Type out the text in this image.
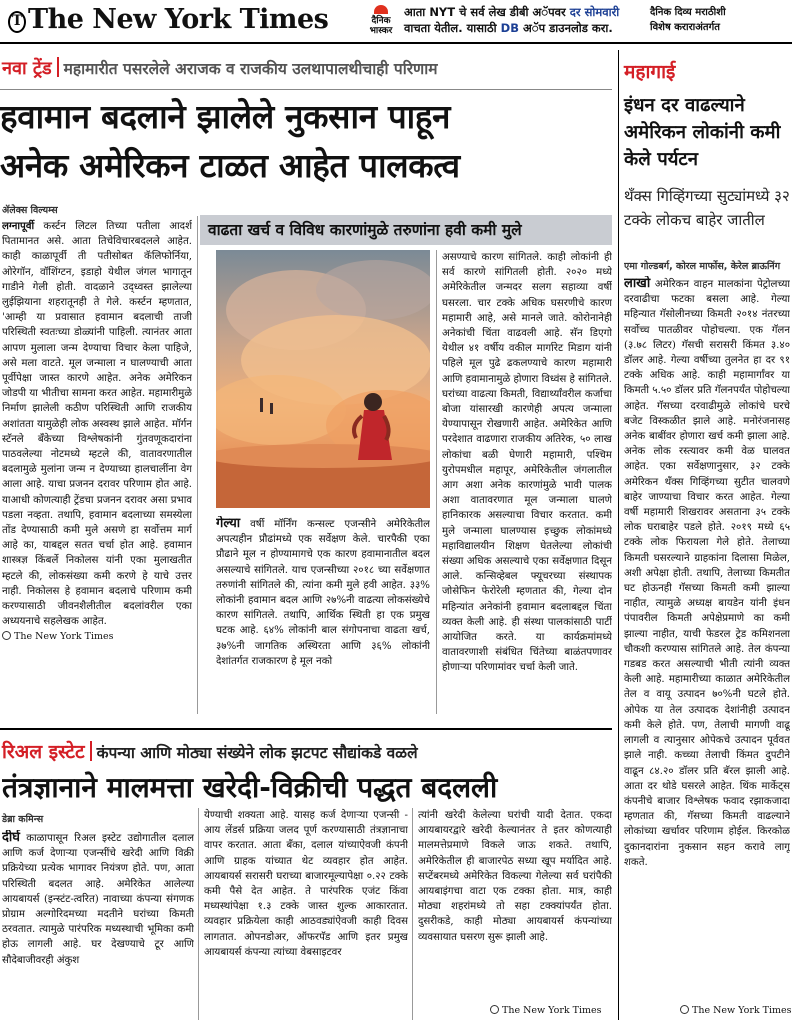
T The New York Times	दैनिक भास्कर
आता NYT चे सर्व लेख डीबी अॅपवर दर सोमवारी
वाचता येतील. यासाठी DB अॅप डाउनलोड करा.
दैनिक दिव्य मराठीशी
विशेष कराराअंतर्गत
नवा ट्रेंड महामारीत पसरलेले अराजक व राजकीय उलथापालथीचाही परिणाम
हवामान बदलाने झालेले नुकसान पाहून
अनेक अमेरिकन टाळत आहेत पालकत्व
ॲलेक्स विल्यम्स
वाढता खर्च व विविध कारणांमुळे तरुणांना हवी कमी मुले

लग्नापूर्वी कर्स्टन लिटल तिच्या पतीला आदर्श पितामानत असे. आता तिचेविचारबदलले आहेत. काही काळापूर्वी ती पतीसोबत कॅलिफोर्निया, ओरेगॉन, वॉशिंग्टन, इडाहो येथील जंगल भागातून गाडीने गेली होती. वादळाने उद्ध्वस्त झालेल्या लुईझियाना शहरातूनही ते गेले. कर्स्टन म्हणतात, 'आम्ही या प्रवासात हवामान बदलाची ताजी परिस्थिती स्वतःच्या डोळ्यांनी पाहिली. त्यानंतर आता आपण मुलाला जन्म देण्याचा विचार केला पाहिजे, असे मला वाटते. मूल जन्माला न घालण्याची आता पूर्वीपेक्षा जास्त कारणे आहेत. अनेक अमेरिकन जोडपी या भीतीचा सामना करत आहेत. महामारीमुळे निर्माण झालेली कठीण परिस्थिती आणि राजकीय अशांतता यामुळेही लोक अस्वस्थ झाले आहेत. मॉर्गन स्टॅनले बँकेच्या विश्लेषकांनी गुंतवणूकदारांना पाठवलेल्या नोटमध्ये म्हटले की, वातावरणातील बदलामुळे मुलांना जन्म न देण्याच्या हालचालींना वेग आला आहे. याचा प्रजनन दरावर परिणाम होत आहे. याआधी कोणत्याही ट्रेंडचा प्रजनन दरावर असा प्रभाव पडला नव्हता. तथापि, हवामान बदलाच्या समस्येला तोंड देण्यासाठी कमी मुले असणे हा सर्वोत्तम मार्ग आहे का, याबद्दल सतत चर्चा होत आहे. हवामान शास्त्रज्ञ किंबर्ले निकोलस यांनी एका मुलाखतीत म्हटले की, लोकसंख्या कमी करणे हे याचे उत्तर नाही. निकोलस हे हवामान बदलाचे परिणाम कमी करण्यासाठी जीवनशैलीतील बदलांवरील एका अध्ययनाचे सहलेखक आहेत.

The New York Times

गेल्या वर्षी मॉर्निंग कन्सल्ट एजन्सीने अमेरिकेतील अपत्यहीन प्रौढांमध्ये एक सर्वेक्षण केले. चारपैकी एका प्रौढाने मूल न होण्यामागचे एक कारण हवामानातील बदल असल्याचे सांगितले. याच एजन्सीच्या २०१८ च्या सर्वेक्षणात तरुणांनी सांगितले की, त्यांना कमी मुले हवी आहेत. ३३% लोकांनी हवामान बदल आणि २७%नी वाढत्या लोकसंख्येचे कारण सांगितले. तथापि, आर्थिक स्थिती हा एक प्रमुख घटक आहे. ६४% लोकांनी बाल संगोपनाचा वाढता खर्च, ३७%नी जागतिक अस्थिरता आणि ३६% लोकांनी देशांतर्गत राजकारण हे मूल नको

असण्याचे कारण सांगितले. काही लोकांनी ही सर्व कारणे सांगितली होती. २०२० मध्ये अमेरिकेतील जन्मदर सलग सहाव्या वर्षी घसरला. चार टक्के अधिक घसरणीचे कारण महामारी आहे, असे मानले जाते. कोरोनानेही अनेकांची चिंता वाढवली आहे. सॅन डिएगो येथील ४१ वर्षीय वकील मार्गारेट मिडाग यांनी पहिले मूल पुढे ढकलण्याचे कारण महामारी आणि हवामानामुळे होणारा विध्वंस हे सांगितले. घरांच्या वाढत्या किमती, विद्यार्थ्यांवरील कर्जाचा बोजा यांसारखी कारणेही अपत्य जन्माला येण्यापासून रोखणारी आहेत. अमेरिकेत आणि परदेशात वाढणारा राजकीय अतिरेक, ५० लाख लोकांचा बळी घेणारी महामारी, पश्चिम युरोपमधील महापूर, अमेरिकेतील जंगलातील आग अशा अनेक कारणांमुळे भावी पालक अशा वातावरणात मूल जन्माला घालणे हानिकारक असल्याचा विचार करतात. कमी मुले जन्माला घालण्यास इच्छुक लोकांमध्ये महाविद्यालयीन शिक्षण घेतलेल्या लोकांची संख्या अधिक असल्याचे एका सर्वेक्षणात दिसून आले. कन्सिव्हेबल फ्यूचरच्या संस्थापक जोसेफिन फेरोरेली म्हणतात की, गेल्या दोन महिन्यांत अनेकांनी हवामान बदलाबद्दल चिंता व्यक्त केली आहे. ही संस्था पालकांसाठी पार्टी आयोजित करते. या कार्यक्रमांमध्ये वातावरणाशी संबंधित चिंतेच्या बाळंतपणावर होणाऱ्या परिणामांवर चर्चा केली जाते.

महागाई
इंधन दर वाढल्याने अमेरिकन लोकांनी कमी केले पर्यटन
थँक्स गिव्हिंगच्या सुट्यांमध्ये ३२ टक्के लोकच बाहेर जातील
एमा गोल्डबर्ग, कोरल मार्फोस, केरेल ब्राऊनिंग

लाखो अमेरिकन वाहन मालकांना पेट्रोलच्या दरवाढीचा फटका बसला आहे. गेल्या महिन्यात गॅसोलीनच्या किमती २०१४ नंतरच्या सर्वोच्च पातळीवर पोहोचल्या. एक गॅलन (३.७८ लिटर) गॅसची सरासरी किंमत ३.४० डॉलर आहे. गेल्या वर्षीच्या तुलनेत हा दर ९१ टक्के अधिक आहे. काही महामार्गांवर या किमती ५.५० डॉलर प्रति गॅलनपर्यंत पोहोचल्या आहेत. गॅसच्या दरवाढीमुळे लोकांचे घरचे बजेट विस्कळीत झाले आहे. मनोरंजनासह अनेक बाबींवर होणारा खर्च कमी झाला आहे. अनेक लोक रस्त्यावर कमी वेळ घालवत आहेत. एका सर्वेक्षणानुसार, ३२ टक्के अमेरिकन थँक्स गिव्हिंगच्या सुटीत चालवणे बाहेर जाण्याचा विचार करत आहेत. गेल्या वर्षी महामारी शिखरावर असताना ३५ टक्के लोक घराबाहेर पडले होते. २०१९ मध्ये ६५ टक्के लोक फिरायला गेले होते. तेलाच्या किमती घसरल्याने ग्राहकांना दिलासा मिळेल, अशी अपेक्षा होती. तथापि, तेलाच्या किमतीत घट होऊनही गॅसच्या किमती कमी झाल्या नाहीत, त्यामुळे अध्यक्ष बायडेन यांनी इंधन पंपावरील किमती अपेक्षेप्रमाणे का कमी झाल्या नाहीत, याची फेडरल ट्रेड कमिशनला चौकशी करण्यास सांगितले आहे. तेल कंपन्या गडबड करत असल्याची भीती त्यांनी व्यक्त केली आहे. महामारीच्या काळात अमेरिकेतील तेल व वायू उत्पादन ७०%नी घटले होते. ओपेक या तेल उत्पादक देशांनीही उत्पादन कमी केले होते. पण, तेलाची मागणी वाढू लागली व त्यानुसार ओपेकचे उत्पादन पूर्ववत झाले नाही. कच्च्या तेलाची किंमत दुपटीने वाढून ८४.२० डॉलर प्रति बॅरल झाली आहे. आता दर थोडे घसरले आहेत. थिंक मार्केट्स कंपनीचे बाजार विश्लेषक फवाद रझाकजादा म्हणतात की, गॅसच्या किमती वाढल्याने लोकांच्या खर्चावर परिणाम होईल. किरकोळ दुकानदारांना नुकसान सहन करावे लागू शकते.

The New York Times
रिअल इस्टेट कंपन्या आणि मोठ्या संख्येने लोक झटपट सौद्यांकडे वळले
तंत्रज्ञानाने मालमत्ता खरेदी-विक्रीची पद्धत बदलली
डेब्रा कमिन्स

दीर्घ काळापासून रिअल इस्टेट उद्योगातील दलाल आणि कर्ज देणाऱ्या एजन्सींचे खरेदी आणि विक्री प्रक्रियेच्या प्रत्येक भागावर नियंत्रण होते. पण, आता परिस्थिती बदलत आहे. अमेरिकेत आलेल्या आयबायर्स (इन्स्टंट-त्वरित) नावाच्या कंपन्या संगणक प्रोग्राम अल्गोरिदमच्या मदतीने घरांच्या किमती ठरवतात. त्यामुळे पारंपरिक मध्यस्थाची भूमिका कमी होऊ लागली आहे. घर देखण्याचे टूर आणि सौदेबाजीवरही अंकुश

येण्याची शक्यता आहे. यासह कर्ज देणाऱ्या एजन्सी - आय लेंडर्स प्रक्रिया जलद पूर्ण करण्यासाठी तंत्रज्ञानाचा वापर करतात. आता बँका, दलाल यांच्याऐवजी कंपनी आणि ग्राहक यांच्यात थेट व्यवहार होत आहेत. आयबायर्स सरासरी घराच्या बाजारमूल्यापेक्षा ०.२२ टक्के कमी पैसे देत आहेत. ते पारंपरिक एजंट किंवा मध्यस्थांपेक्षा १.३ टक्के जास्त शुल्क आकारतात. व्यवहार प्रक्रियेला काही आठवड्यांऐवजी काही दिवस लागतात. ओपनडोअर, ऑफरपॅड आणि इतर प्रमुख आयबायर्स कंपन्या त्यांच्या वेबसाइटवर

त्यांनी खरेदी केलेल्या घरांची यादी देतात. एकदा आयबायरद्वारे खरेदी केल्यानंतर ते इतर कोणत्याही मालमत्तेप्रमाणे विकले जाऊ शकते. तथापि, अमेरिकेतील ही बाजारपेठ सध्या खूप मर्यादित आहे. सप्टेंबरमध्ये अमेरिकेत विकल्या गेलेल्या सर्व घरांपैकी आयबाइंगचा वाटा एक टक्का होता. मात्र, काही मोठ्या शहरांमध्ये तो सहा टक्क्यांपर्यंत होता. दुसरीकडे, काही मोठ्या आयबायर्स कंपन्यांच्या व्यवसायात घसरण सुरू झाली आहे.

The New York Times
